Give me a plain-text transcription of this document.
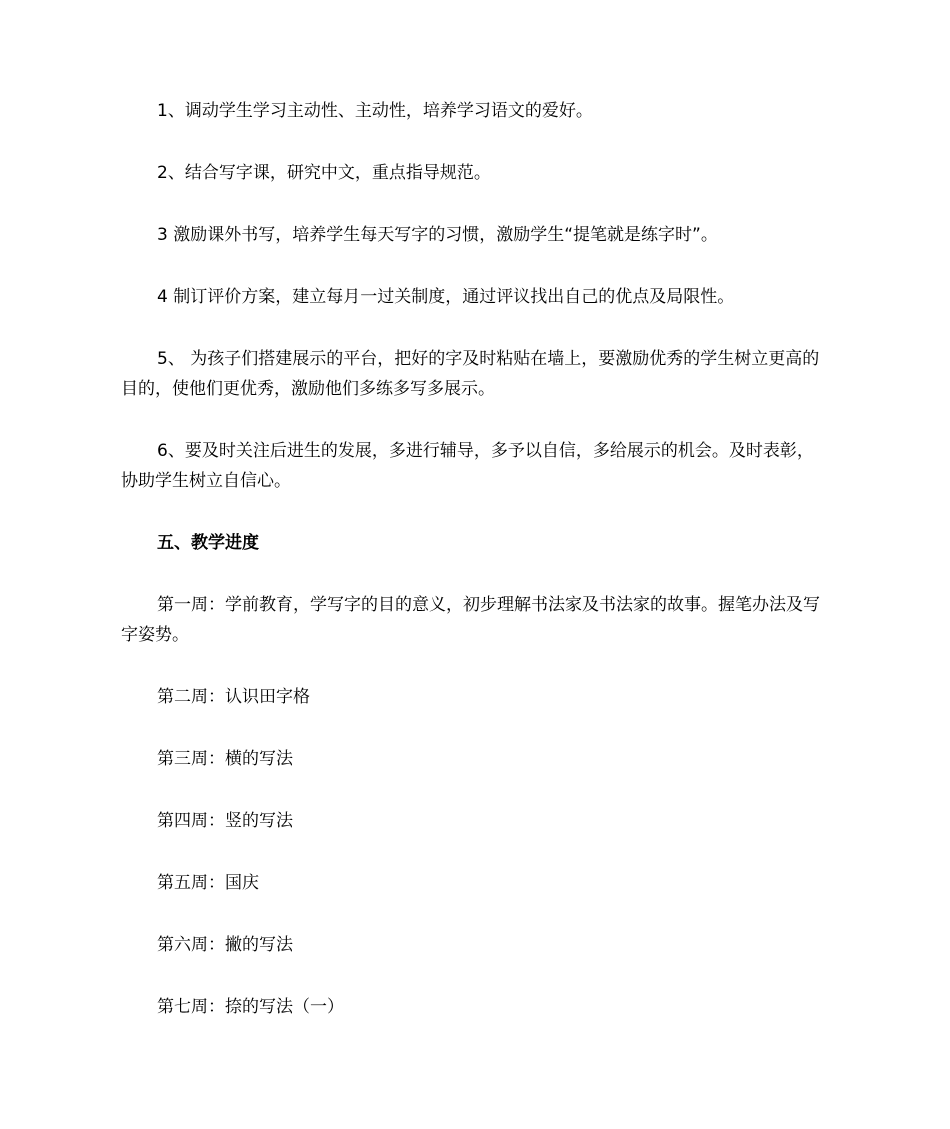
1、调动学生学习主动性、主动性，培养学习语文的爱好。

2、结合写字课，研究中文，重点指导规范。

3 激励课外书写，培养学生每天写字的习惯，激励学生“提笔就是练字时”。

4 制订评价方案，建立每月一过关制度，通过评议找出自己的优点及局限性。

5、 为孩子们搭建展示的平台，把好的字及时粘贴在墙上，要激励优秀的学生树立更高的目的，使他们更优秀，激励他们多练多写多展示。

6、要及时关注后进生的发展，多进行辅导，多予以自信，多给展示的机会。及时表彰，协助学生树立自信心。

五、教学进度

第一周：学前教育，学写字的目的意义，初步理解书法家及书法家的故事。握笔办法及写字姿势。

第二周：认识田字格

第三周：横的写法

第四周：竖的写法

第五周：国庆

第六周：撇的写法

第七周：捺的写法（一）
